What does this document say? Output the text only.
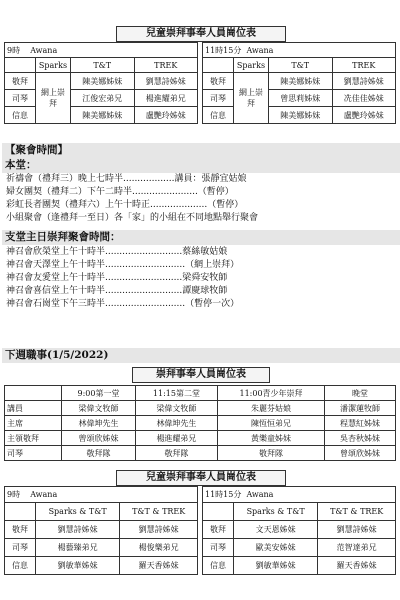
兒童崇拜事奉人員崗位表
9時 Awana			
	Sparks	T&T	TREK
敬拜	網上崇拜	陳美娜姊妹	劉慧詩姊妹
司琴		江俊宏弟兄	楊進耀弟兄
信息		陳美娜姊妹	盧艷玲姊妹
11時15分 Awana			
	Sparks	T&T	TREK
敬拜	網上崇拜	陳美娜姊妹	劉慧詩姊妹
司琴		曾思莉姊妹	冼佳佳姊妹
信息		陳美娜姊妹	盧艷玲姊妹
【聚會時間】
本堂：
祈禱會（禮拜三）晚上七時半..................講員：張靜宜姑娘
婦女團契（禮拜二）下午二時半.......................（暫停）
彩虹長者團契（禮拜六）上午十時正....................（暫停）
小組聚會（逢禮拜一至日）各「家」的小組在不同地點舉行聚會
支堂主日崇拜聚會時間：
神召會欣榮堂上午十時半...........................蔡絲敏姑娘
神召會天澤堂上午十時半............................（網上崇拜）
神召會友愛堂上午十時半...........................梁舜安牧師
神召會喜信堂上午十時半...........................譚慶球牧師
神召會石崗堂下午三時半............................（暫停一次）
下週職事(1/5/2022)
崇拜事奉人員崗位表
	9:00第一堂	11:15第二堂	11:00青少年崇拜	晚堂
講員	梁偉文牧師	梁偉文牧師	朱麗芬姑娘	潘潔蓮牧師
主席	林偉坤先生	林偉坤先生	陳恆恒弟兄	程慧紅姊妹
主領敬拜	曾頌欣姊妹	楊進耀弟兄	黃樂童姊妹	吳杏秋姊妹
司琴	敬拜隊	敬拜隊	敬拜隊	曾頌欣姊妹
兒童崇拜事奉人員崗位表
9時 Awana		
	Sparks & T&T	T&T & TREK
敬拜	劉慧詩姊妹	劉慧詩姊妹
司琴	楊藝臻弟兄	楊俊樂弟兄
信息	劉敏華姊妹	羅天香姊妹
11時15分 Awana		
	Sparks & T&T	T&T & TREK
敬拜	文天恩姊妹	劉慧詩姊妹
司琴	歐美安姊妹	范智達弟兄
信息	劉敏華姊妹	羅天香姊妹
